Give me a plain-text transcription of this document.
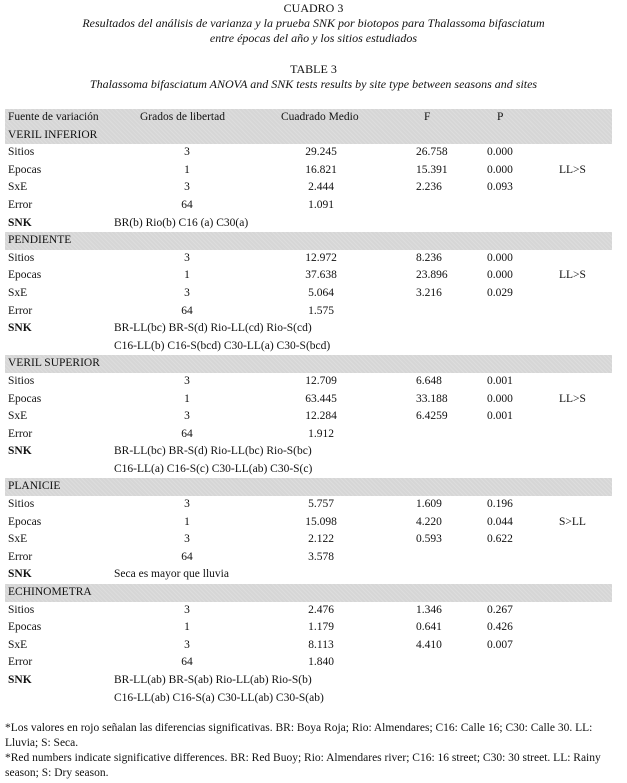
CUADRO 3
Resultados del análisis de varianza y la prueba SNK por biotopos para Thalassoma bifasciatum
entre épocas del año y los sitios estudiados
TABLE 3
Thalassoma bifasciatum ANOVA and SNK tests results by site type between seasons and sites
Fuente de variación	Grados de libertad	Cuadrado Medio	F	P
VERIL INFERIOR
Sitios	3	29.245	26.758	0.000
Epocas	1	16.821	15.391	0.000	LL>S
SxE	3	2.444	2.236	0.093
Error	64	1.091
SNK	BR(b) Rio(b) C16 (a) C30(a)
PENDIENTE
Sitios	3	12.972	8.236	0.000
Epocas	1	37.638	23.896	0.000	LL>S
SxE	3	5.064	3.216	0.029
Error	64	1.575
SNK	BR-LL(bc) BR-S(d) Rio-LL(cd) Rio-S(cd)
C16-LL(b) C16-S(bcd) C30-LL(a) C30-S(bcd)
VERIL SUPERIOR
Sitios	3	12.709	6.648	0.001
Epocas	1	63.445	33.188	0.000	LL>S
SxE	3	12.284	6.4259	0.001
Error	64	1.912
SNK	BR-LL(bc) BR-S(d) Rio-LL(bc) Rio-S(bc)
C16-LL(a) C16-S(c) C30-LL(ab) C30-S(c)
PLANICIE
Sitios	3	5.757	1.609	0.196
Epocas	1	15.098	4.220	0.044	S>LL
SxE	3	2.122	0.593	0.622
Error	64	3.578
SNK	Seca es mayor que lluvia
ECHINOMETRA
Sitios	3	2.476	1.346	0.267
Epocas	1	1.179	0.641	0.426
SxE	3	8.113	4.410	0.007
Error	64	1.840
SNK	BR-LL(ab) BR-S(ab) Rio-LL(ab) Rio-S(b)
C16-LL(ab) C16-S(a) C30-LL(ab) C30-S(ab)
*Los valores en rojo señalan las diferencias significativas. BR: Boya Roja; Rio: Almendares; C16: Calle 16; C30: Calle 30. LL: Lluvia; S: Seca.
*Red numbers indicate significative differences. BR: Red Buoy; Rio: Almendares river; C16: 16 street; C30: 30 street. LL: Rainy season; S: Dry season.
